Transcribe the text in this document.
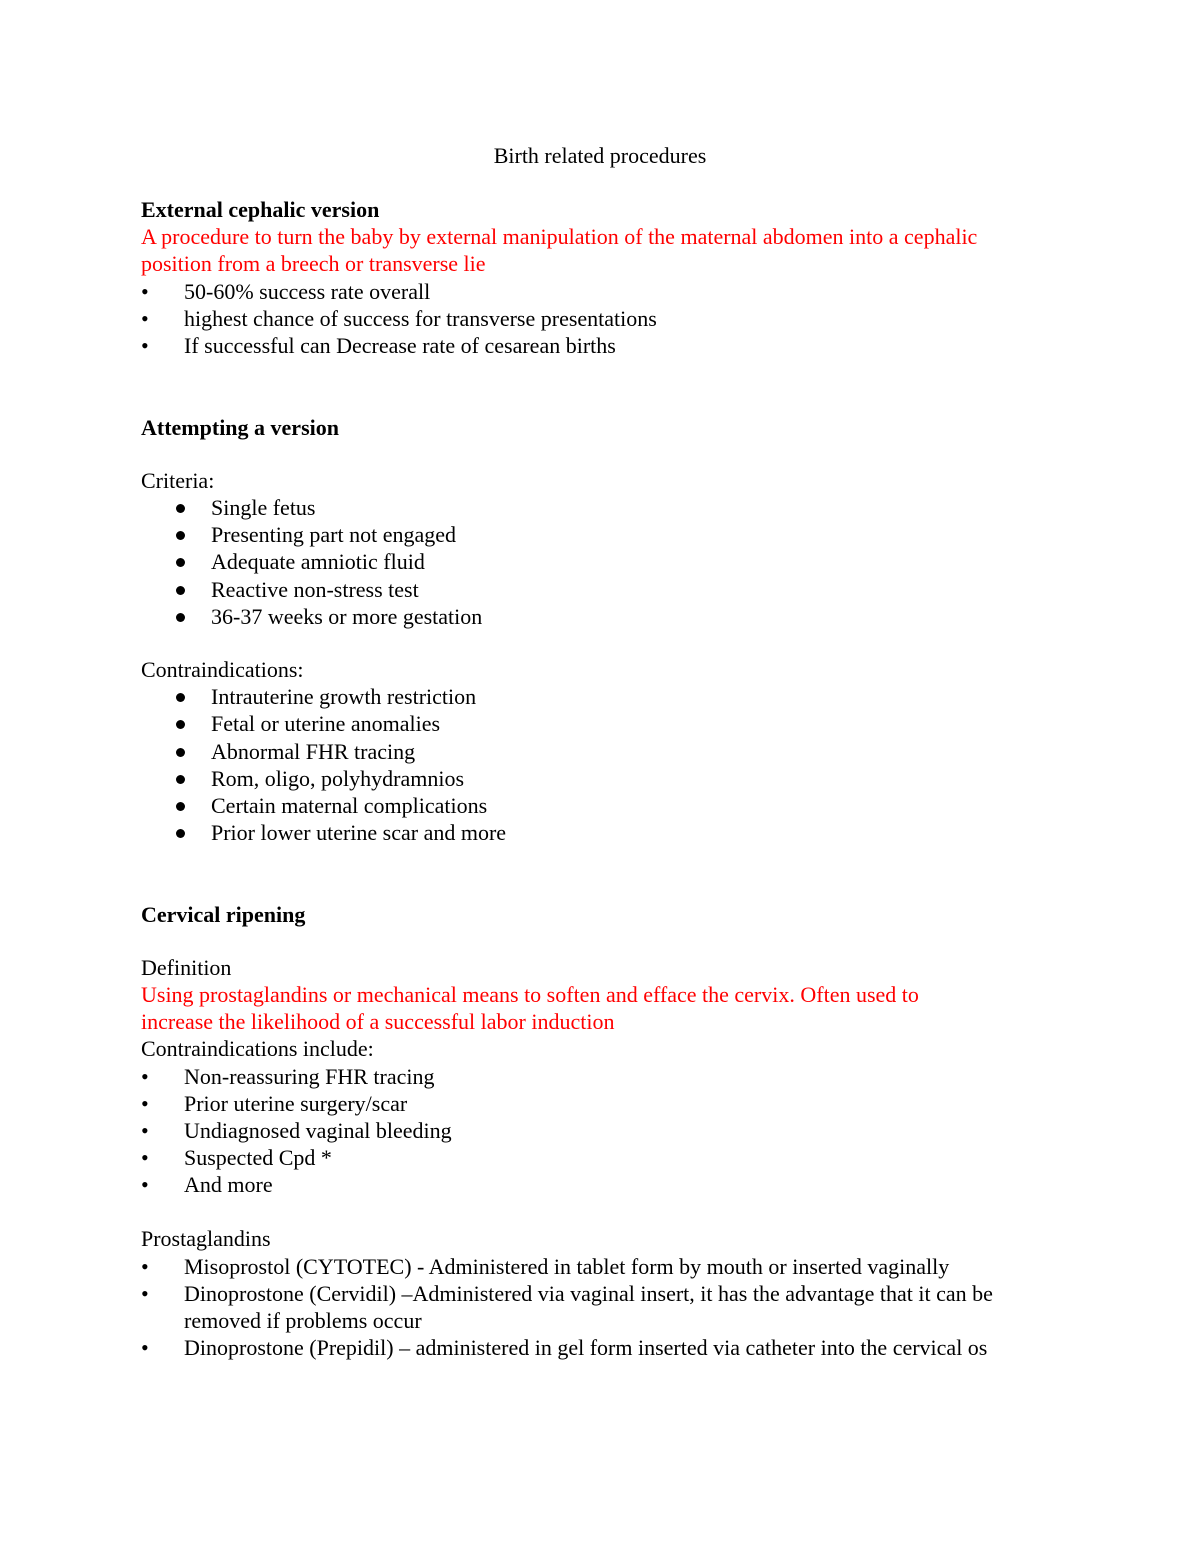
Birth related procedures
External cephalic version
A procedure to turn the baby by external manipulation of the maternal abdomen into a cephalic
position from a breech or transverse lie
•	50-60% success rate overall
•	highest chance of success for transverse presentations
•	If successful can Decrease rate of cesarean births
Attempting a version
Criteria:
Single fetus
Presenting part not engaged
Adequate amniotic fluid
Reactive non-stress test
36-37 weeks or more gestation
Contraindications:
Intrauterine growth restriction
Fetal or uterine anomalies
Abnormal FHR tracing
Rom, oligo, polyhydramnios
Certain maternal complications
Prior lower uterine scar and more
Cervical ripening
Definition
Using prostaglandins or mechanical means to soften and efface the cervix. Often used to
increase the likelihood of a successful labor induction
Contraindications include:
•	Non-reassuring FHR tracing
•	Prior uterine surgery/scar
•	Undiagnosed vaginal bleeding
•	Suspected Cpd *
•	And more
Prostaglandins
•	Misoprostol (CYTOTEC) - Administered in tablet form by mouth or inserted vaginally
•	Dinoprostone (Cervidil) –Administered via vaginal insert, it has the advantage that it can be
removed if problems occur
•	Dinoprostone (Prepidil) – administered in gel form inserted via catheter into the cervical os
